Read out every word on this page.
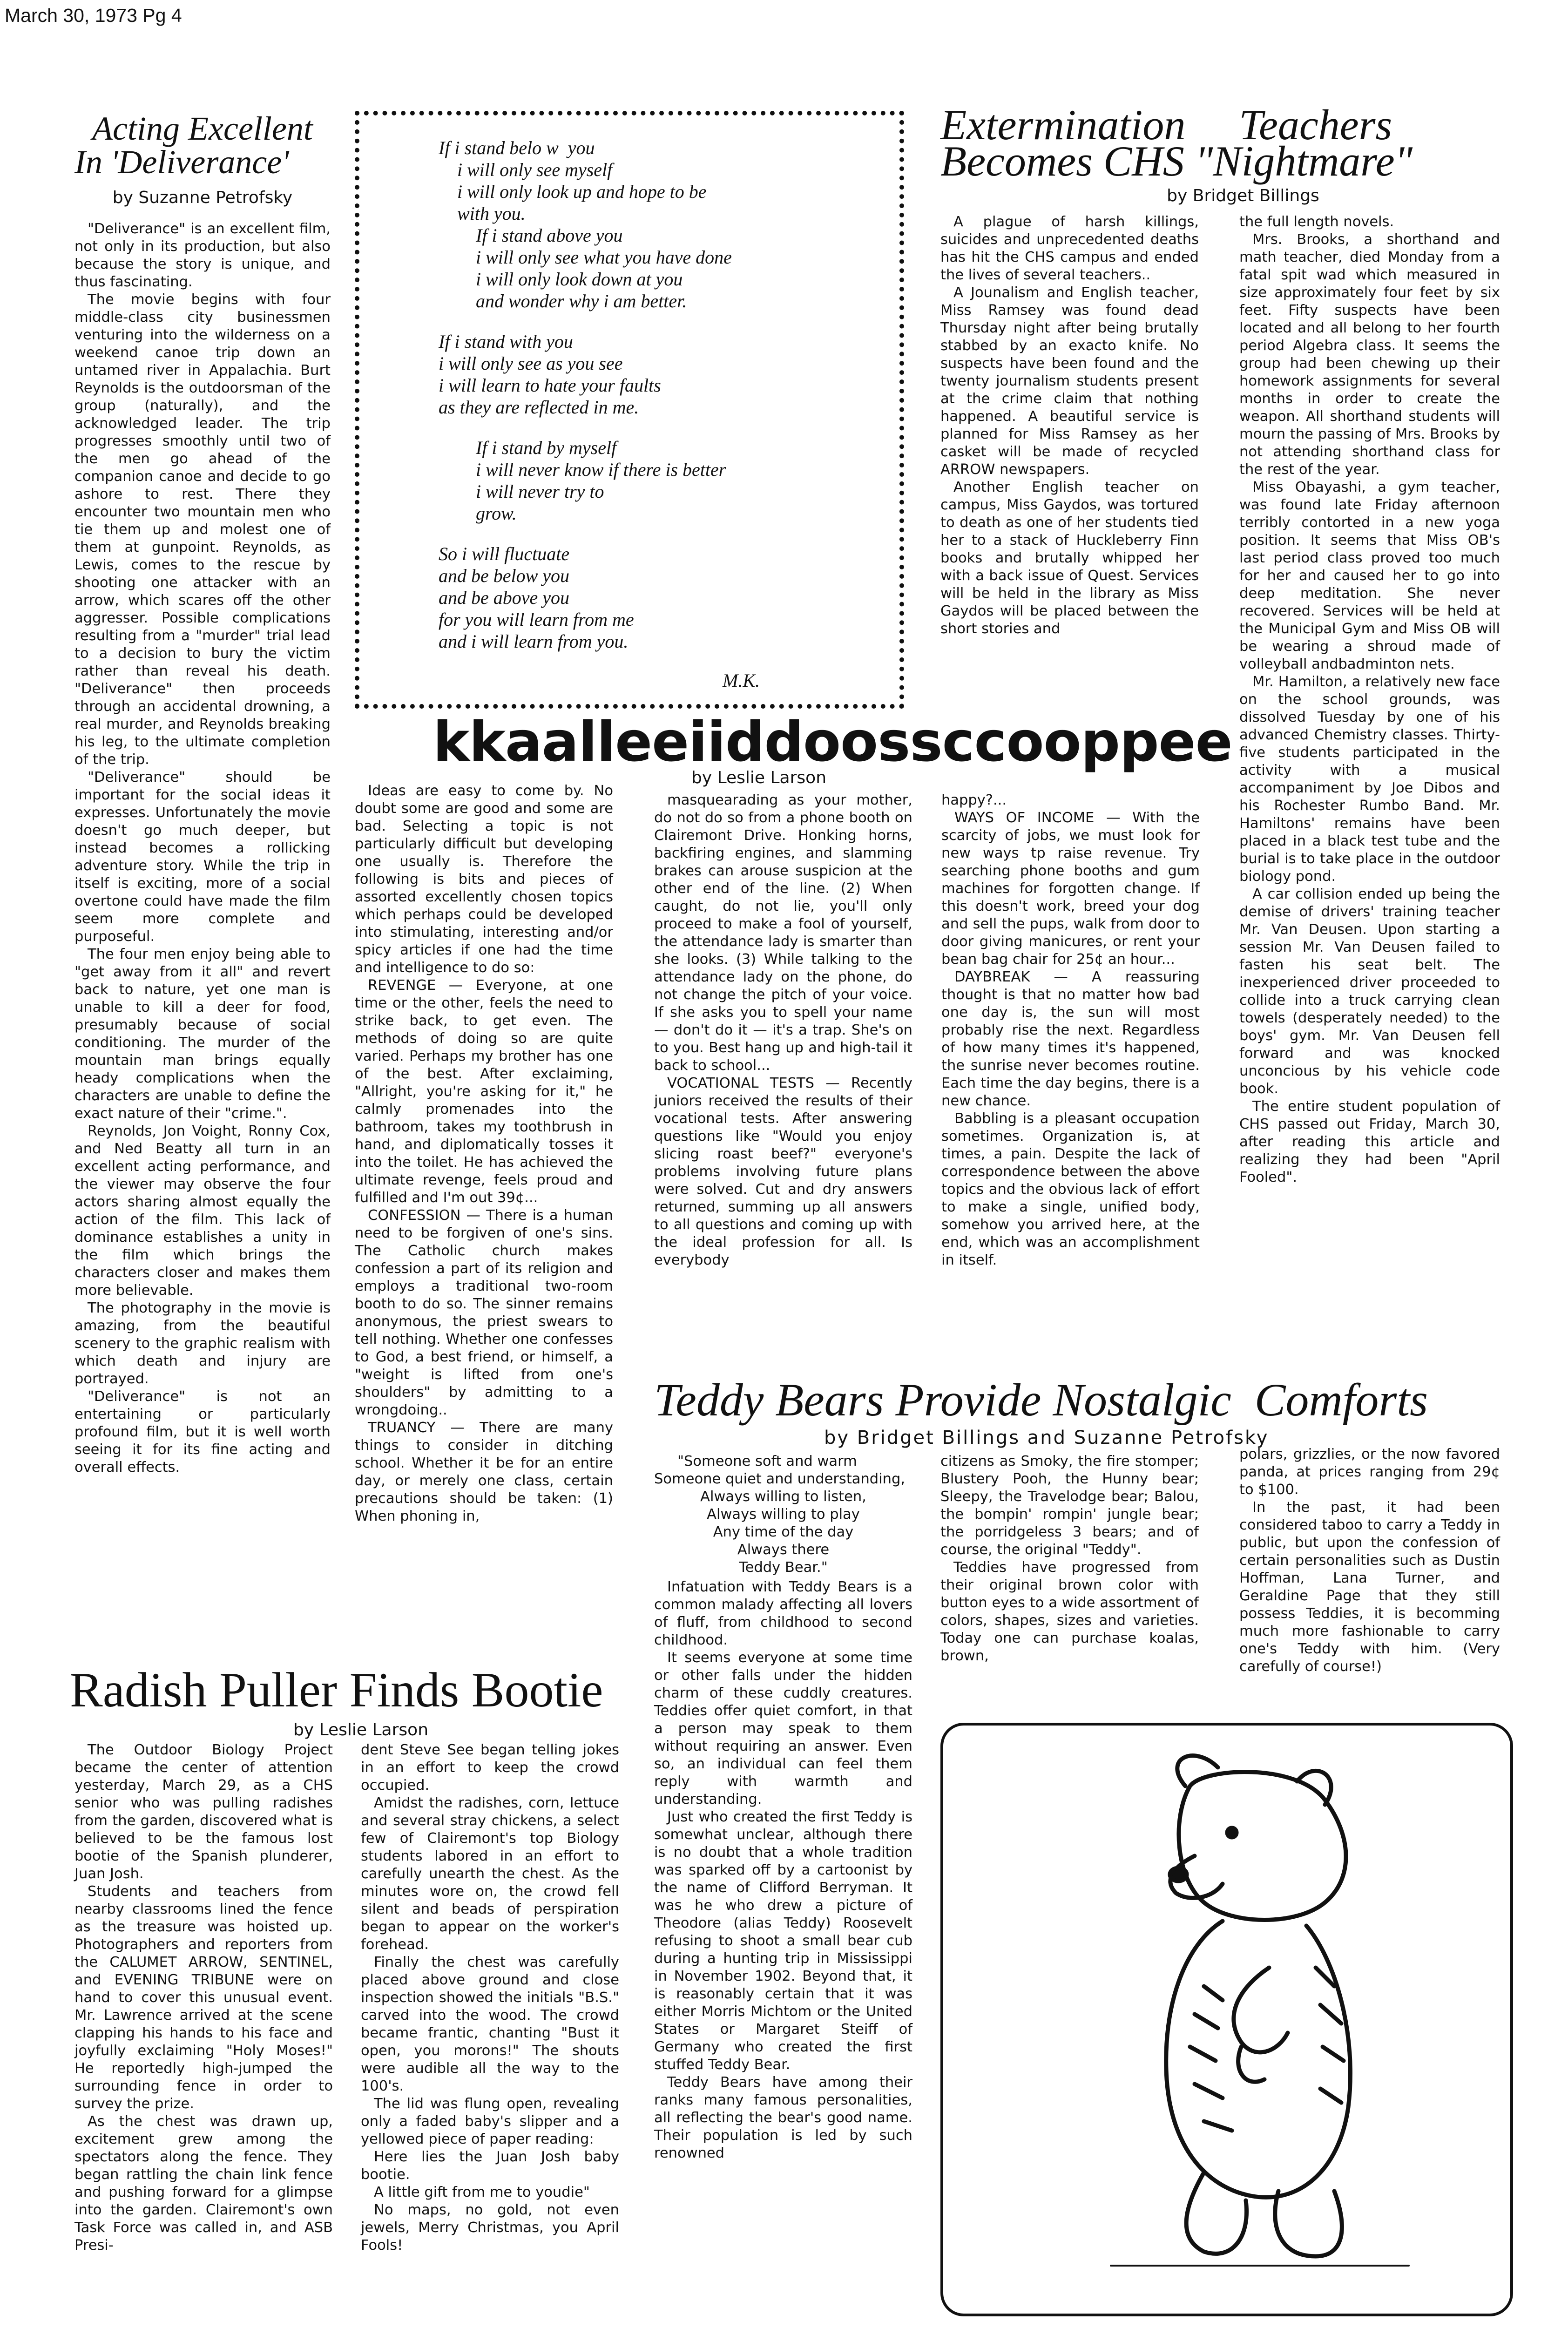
March 30, 1973 Pg 4
Acting Excellent
In 'Deliverance'
by Suzanne Petrofsky

"Deliverance" is an excellent film, not only in its production, but also because the story is unique, and thus fascinating.

The movie begins with four middle-class city businessmen venturing into the wilderness on a weekend canoe trip down an untamed river in Appalachia. Burt Reynolds is the outdoorsman of the group (naturally), and the acknowledged leader. The trip progresses smoothly until two of the men go ahead of the companion canoe and decide to go ashore to rest. There they encounter two mountain men who tie them up and molest one of them at gunpoint. Reynolds, as Lewis, comes to the rescue by shooting one attacker with an arrow, which scares off the other aggresser. Possible complications resulting from a "murder" trial lead to a decision to bury the victim rather than reveal his death. "Deliverance" then proceeds through an accidental drowning, a real murder, and Reynolds breaking his leg, to the ultimate completion of the trip.

"Deliverance" should be important for the social ideas it expresses. Unfortunately the movie doesn't go much deeper, but instead becomes a rollicking adventure story. While the trip in itself is exciting, more of a social overtone could have made the film seem more complete and purposeful.

The four men enjoy being able to "get away from it all" and revert back to nature, yet one man is unable to kill a deer for food, presumably because of social conditioning. The murder of the mountain man brings equally heady complications when the characters are unable to define the exact nature of their "crime.".

Reynolds, Jon Voight, Ronny Cox, and Ned Beatty all turn in an excellent acting performance, and the viewer may observe the four actors sharing almost equally the action of the film. This lack of dominance establishes a unity in the film which brings the characters closer and makes them more believable.

The photography in the movie is amazing, from the beautiful scenery to the graphic realism with which death and injury are portrayed.

"Deliverance" is not an entertaining or particularly profound film, but it is well worth seeing it for its fine acting and overall effects.

If i stand belo w  you
i will only see myself
i will only look up and hope to be
with you.
If i stand above you
i will only see what you have done
i will only look down at you
and wonder why i am better.
If i stand with you
i will only see as you see
i will learn to hate your faults
as they are reflected in me.
If i stand by myself
i will never know if there is better
i will never try to
grow.
So i will fluctuate
and be below you
and be above you
for you will learn from me
and i will learn from you.
M.K.
kkaalleeiiddoossccooppee
by Leslie Larson

Ideas are easy to come by. No doubt some are good and some are bad. Selecting a topic is not particularly difficult but developing one usually is. Therefore the following is bits and pieces of assorted excellently chosen topics which perhaps could be developed into stimulating, interesting and/or spicy articles if one had the time and intelligence to do so:

REVENGE — Everyone, at one time or the other, feels the need to strike back, to get even. The methods of doing so are quite varied. Perhaps my brother has one of the best. After exclaiming, "Allright, you're asking for it," he calmly promenades into the bathroom, takes my toothbrush in hand, and diplomatically tosses it into the toilet. He has achieved the ultimate revenge, feels proud and fulfilled and I'm out 39¢...

CONFESSION — There is a human need to be forgiven of one's sins. The Catholic church makes confession a part of its religion and employs a traditional two-room booth to do so. The sinner remains anonymous, the priest swears to tell nothing. Whether one confesses to God, a best friend, or himself, a "weight is lifted from one's shoulders" by admitting to a wrongdoing..

TRUANCY — There are many things to consider in ditching school. Whether it be for an entire day, or merely one class, certain precautions should be taken: (1) When phoning in,

masquearading as your mother, do not do so from a phone booth on Clairemont Drive. Honking horns, backfiring engines, and slamming brakes can arouse suspicion at the other end of the line. (2) When caught, do not lie, you'll only proceed to make a fool of yourself, the attendance lady is smarter than she looks. (3) While talking to the attendance lady on the phone, do not change the pitch of your voice. If she asks you to spell your name — don't do it — it's a trap. She's on to you. Best hang up and high-tail it back to school...

VOCATIONAL TESTS — Recently juniors received the results of their vocational tests. After answering questions like "Would you enjoy slicing roast beef?" everyone's problems involving future plans were solved. Cut and dry answers returned, summing up all answers to all questions and coming up with the ideal profession for all. Is everybody

happy?...

WAYS OF INCOME — With the scarcity of jobs, we must look for new ways tp raise revenue. Try searching phone booths and gum machines for forgotten change. If this doesn't work, breed your dog and sell the pups, walk from door to door giving manicures, or rent your bean bag chair for 25¢ an hour...

DAYBREAK — A reassuring thought is that no matter how bad one day is, the sun will most probably rise the next. Regardless of how many times it's happened, the sunrise never becomes routine. Each time the day begins, there is a new chance.

Babbling is a pleasant occupation sometimes. Organization is, at times, a pain. Despite the lack of correspondence between the above topics and the obvious lack of effort to make a single, unified body, somehow you arrived here, at the end, which was an accomplishment in itself.

Extermination     Teachers
Becomes CHS "Nightmare"
by Bridget Billings

A plague of harsh killings, suicides and unprecedented deaths has hit the CHS campus and ended the lives of several teachers..

A Jounalism and English teacher, Miss Ramsey was found dead Thursday night after being brutally stabbed by an exacto knife. No suspects have been found and the twenty journalism students present at the crime claim that nothing happened. A beautiful service is planned for Miss Ramsey as her casket will be made of recycled ARROW newspapers.

Another English teacher on campus, Miss Gaydos, was tortured to death as one of her students tied her to a stack of Huckleberry Finn books and brutally whipped her with a back issue of Quest. Services will be held in the library as Miss Gaydos will be placed between the short stories and

the full length novels.

Mrs. Brooks, a shorthand and math teacher, died Monday from a fatal spit wad which measured in size approximately four feet by six feet. Fifty suspects have been located and all belong to her fourth period Algebra class. It seems the group had been chewing up their homework assignments for several months in order to create the weapon. All shorthand students will mourn the passing of Mrs. Brooks by not attending shorthand class for the rest of the year.

Miss Obayashi, a gym teacher, was found late Friday afternoon terribly contorted in a new yoga position. It seems that Miss OB's last period class proved too much for her and caused her to go into deep meditation. She never recovered. Services will be held at the Municipal Gym and Miss OB will be wearing a shroud made of volleyball andbadminton nets.

Mr. Hamilton, a relatively new face on the school grounds, was dissolved Tuesday by one of his advanced Chemistry classes. Thirty-five students participated in the activity with a musical accompaniment by Joe Dibos and his Rochester Rumbo Band. Mr. Hamiltons' remains have been placed in a black test tube and the burial is to take place in the outdoor biology pond.

A car collision ended up being the demise of drivers' training teacher Mr. Van Deusen. Upon starting a session Mr. Van Deusen failed to fasten his seat belt. The inexperienced driver proceeded to collide into a truck carrying clean towels (desperately needed) to the boys' gym. Mr. Van Deusen fell forward and was knocked unconcious by his vehicle code book.

The entire student population of CHS passed out Friday, March 30, after reading this article and realizing they had been "April Fooled".

Radish Puller Finds Bootie
by Leslie Larson

The Outdoor Biology Project became the center of attention yesterday, March 29, as a CHS senior who was pulling radishes from the garden, discovered what is believed to be the famous lost bootie of the Spanish plunderer, Juan Josh.

Students and teachers from nearby classrooms lined the fence as the treasure was hoisted up. Photographers and reporters from the CALUMET ARROW, SENTINEL, and EVENING TRIBUNE were on hand to cover this unusual event. Mr. Lawrence arrived at the scene clapping his hands to his face and joyfully exclaiming "Holy Moses!" He reportedly high-jumped the surrounding fence in order to survey the prize.

As the chest was drawn up, excitement grew among the spectators along the fence. They began rattling the chain link fence and pushing forward for a glimpse into the garden. Clairemont's own Task Force was called in, and ASB Presi-

dent Steve See began telling jokes in an effort to keep the crowd occupied.

Amidst the radishes, corn, lettuce and several stray chickens, a select few of Clairemont's top Biology students labored in an effort to carefully unearth the chest. As the minutes wore on, the crowd fell silent and beads of perspiration began to appear on the worker's forehead.

Finally the chest was carefully placed above ground and close inspection showed the initials "B.S." carved into the wood. The crowd became frantic, chanting "Bust it open, you morons!" The shouts were audible all the way to the 100's.

The lid was flung open, revealing only a faded baby's slipper and a yellowed piece of paper reading:

Here lies the Juan Josh baby bootie.

A little gift from me to youdie"

No maps, no gold, not even jewels, Merry Christmas, you April Fools!

Teddy Bears Provide Nostalgic  Comforts
by Bridget Billings and Suzanne Petrofsky
"Someone soft and warm
Someone quiet and understanding,
Always willing to listen,
Always willing to play
Any time of the day
Always there
Teddy Bear."

Infatuation with Teddy Bears is a common malady affecting all lovers of fluff, from childhood to second childhood.

It seems everyone at some time or other falls under the hidden charm of these cuddly creatures. Teddies offer quiet comfort, in that a person may speak to them without requiring an answer. Even so, an individual can feel them reply with warmth and understanding.

Just who created the first Teddy is somewhat unclear, although there is no doubt that a whole tradition was sparked off by a cartoonist by the name of Clifford Berryman. It was he who drew a picture of Theodore (alias Teddy) Roosevelt refusing to shoot a small bear cub during a hunting trip in Mississippi in November 1902. Beyond that, it is reasonably certain that it was either Morris Michtom or the United States or Margaret Steiff of Germany who created the first stuffed Teddy Bear.

Teddy Bears have among their ranks many famous personalities, all reflecting the bear's good name. Their population is led by such renowned

citizens as Smoky, the fire stomper; Blustery Pooh, the Hunny bear; Sleepy, the Travelodge bear; Balou, the bompin' rompin' jungle bear; the porridgeless 3 bears; and of course, the original "Teddy".

Teddies have progressed from their original brown color with button eyes to a wide assortment of colors, shapes, sizes and varieties. Today one can purchase koalas, brown,

polars, grizzlies, or the now favored panda, at prices ranging from 29¢ to $100.

In the past, it had been considered taboo to carry a Teddy in public, but upon the confession of certain personalities such as Dustin Hoffman, Lana Turner, and Geraldine Page that they still possess Teddies, it is becomming much more fashionable to carry one's Teddy with him. (Very carefully of course!)
